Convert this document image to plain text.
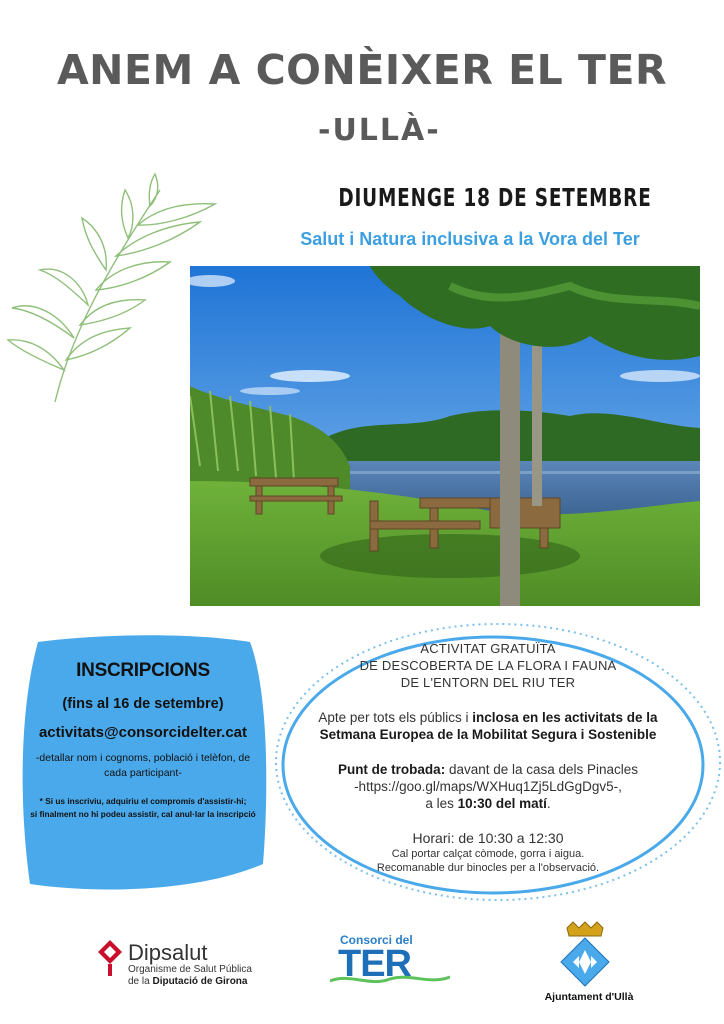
ANEM A CONÈIXER EL TER
-ULLÀ-
DIUMENGE 18 DE SETEMBRE
Salut i Natura inclusiva a la Vora del Ter
INSCRIPCIONS
(fins al 16 de setembre)
activitats@consorcidelter.cat
-detallar nom i cognoms, població i telèfon, de cada participant-
* Si us inscriviu, adquiriu el compromís d'assistir-hi;
si finalment no hi podeu assistir, cal anul·lar la inscripció
ACTIVITAT GRATUÏTA
DE DESCOBERTA DE LA FLORA I FAUNA
DE L'ENTORN DEL RIU TER
Apte per tots els públics i inclosa en les activitats de la
Setmana Europea de la Mobilitat Segura i Sostenible
Punt de trobada: davant de la casa dels Pinacles
-https://goo.gl/maps/WXHuq1Zj5LdGgDgv5-,
a les 10:30 del matí.
Horari: de 10:30 a 12:30
Cal portar calçat còmode, gorra i aigua.
Recomanable dur binocles per a l'observació.
Dipsalut
Organisme de Salut Pública
de la Diputació de Girona
Consorci del
TER
Ajuntament d'Ullà
